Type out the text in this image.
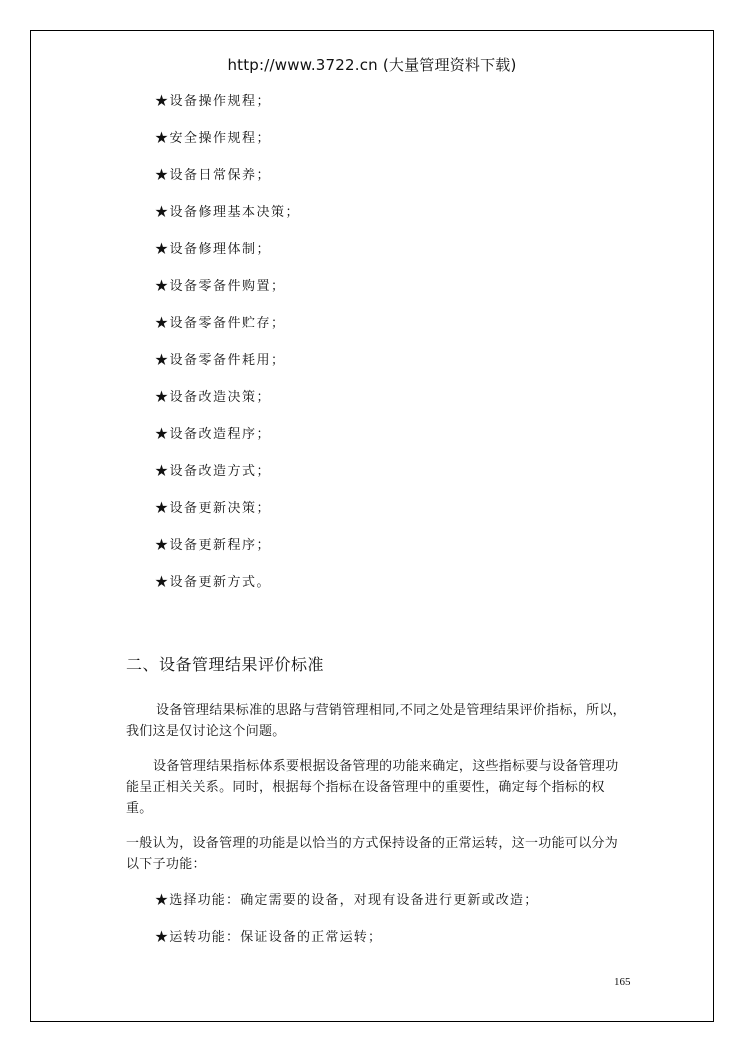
http://www.3722.cn (大量管理资料下载)
★设备操作规程；
★安全操作规程；
★设备日常保养；
★设备修理基本决策；
★设备修理体制；
★设备零备件购置；
★设备零备件贮存；
★设备零备件耗用；
★设备改造决策；
★设备改造程序；
★设备改造方式；
★设备更新决策；
★设备更新程序；
★设备更新方式。
二、设备管理结果评价标准

设备管理结果标准的思路与营销管理相同,不同之处是管理结果评价指标，所以，我们这是仅讨论这个问题。

设备管理结果指标体系要根据设备管理的功能来确定，这些指标要与设备管理功能呈正相关关系。同时，根据每个指标在设备管理中的重要性，确定每个指标的权重。

一般认为，设备管理的功能是以恰当的方式保持设备的正常运转，这一功能可以分为以下子功能：

★选择功能：确定需要的设备，对现有设备进行更新或改造；
★运转功能：保证设备的正常运转；
165
